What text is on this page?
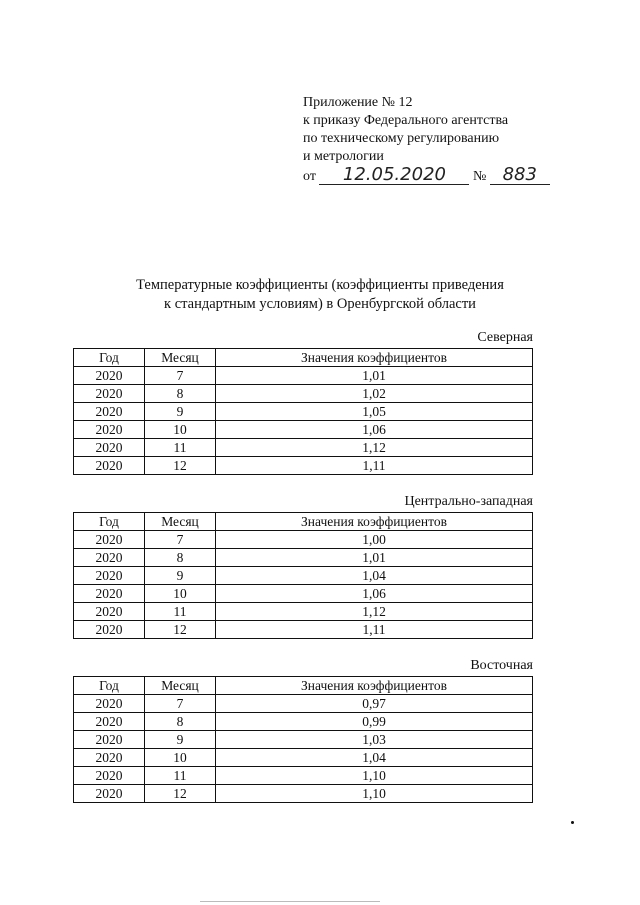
Приложение № 12
к приказу Федерального агентства
по техническому регулированию
и метрологии
от 12.05.2020 № 883
Температурные коэффициенты (коэффициенты приведения
к стандартным условиям) в Оренбургской области
Северная
Год	Месяц	Значения коэффициентов
2020	7	1,01
2020	8	1,02
2020	9	1,05
2020	10	1,06
2020	11	1,12
2020	12	1,11
Центрально-западная
Год	Месяц	Значения коэффициентов
2020	7	1,00
2020	8	1,01
2020	9	1,04
2020	10	1,06
2020	11	1,12
2020	12	1,11
Восточная
Год	Месяц	Значения коэффициентов
2020	7	0,97
2020	8	0,99
2020	9	1,03
2020	10	1,04
2020	11	1,10
2020	12	1,10
